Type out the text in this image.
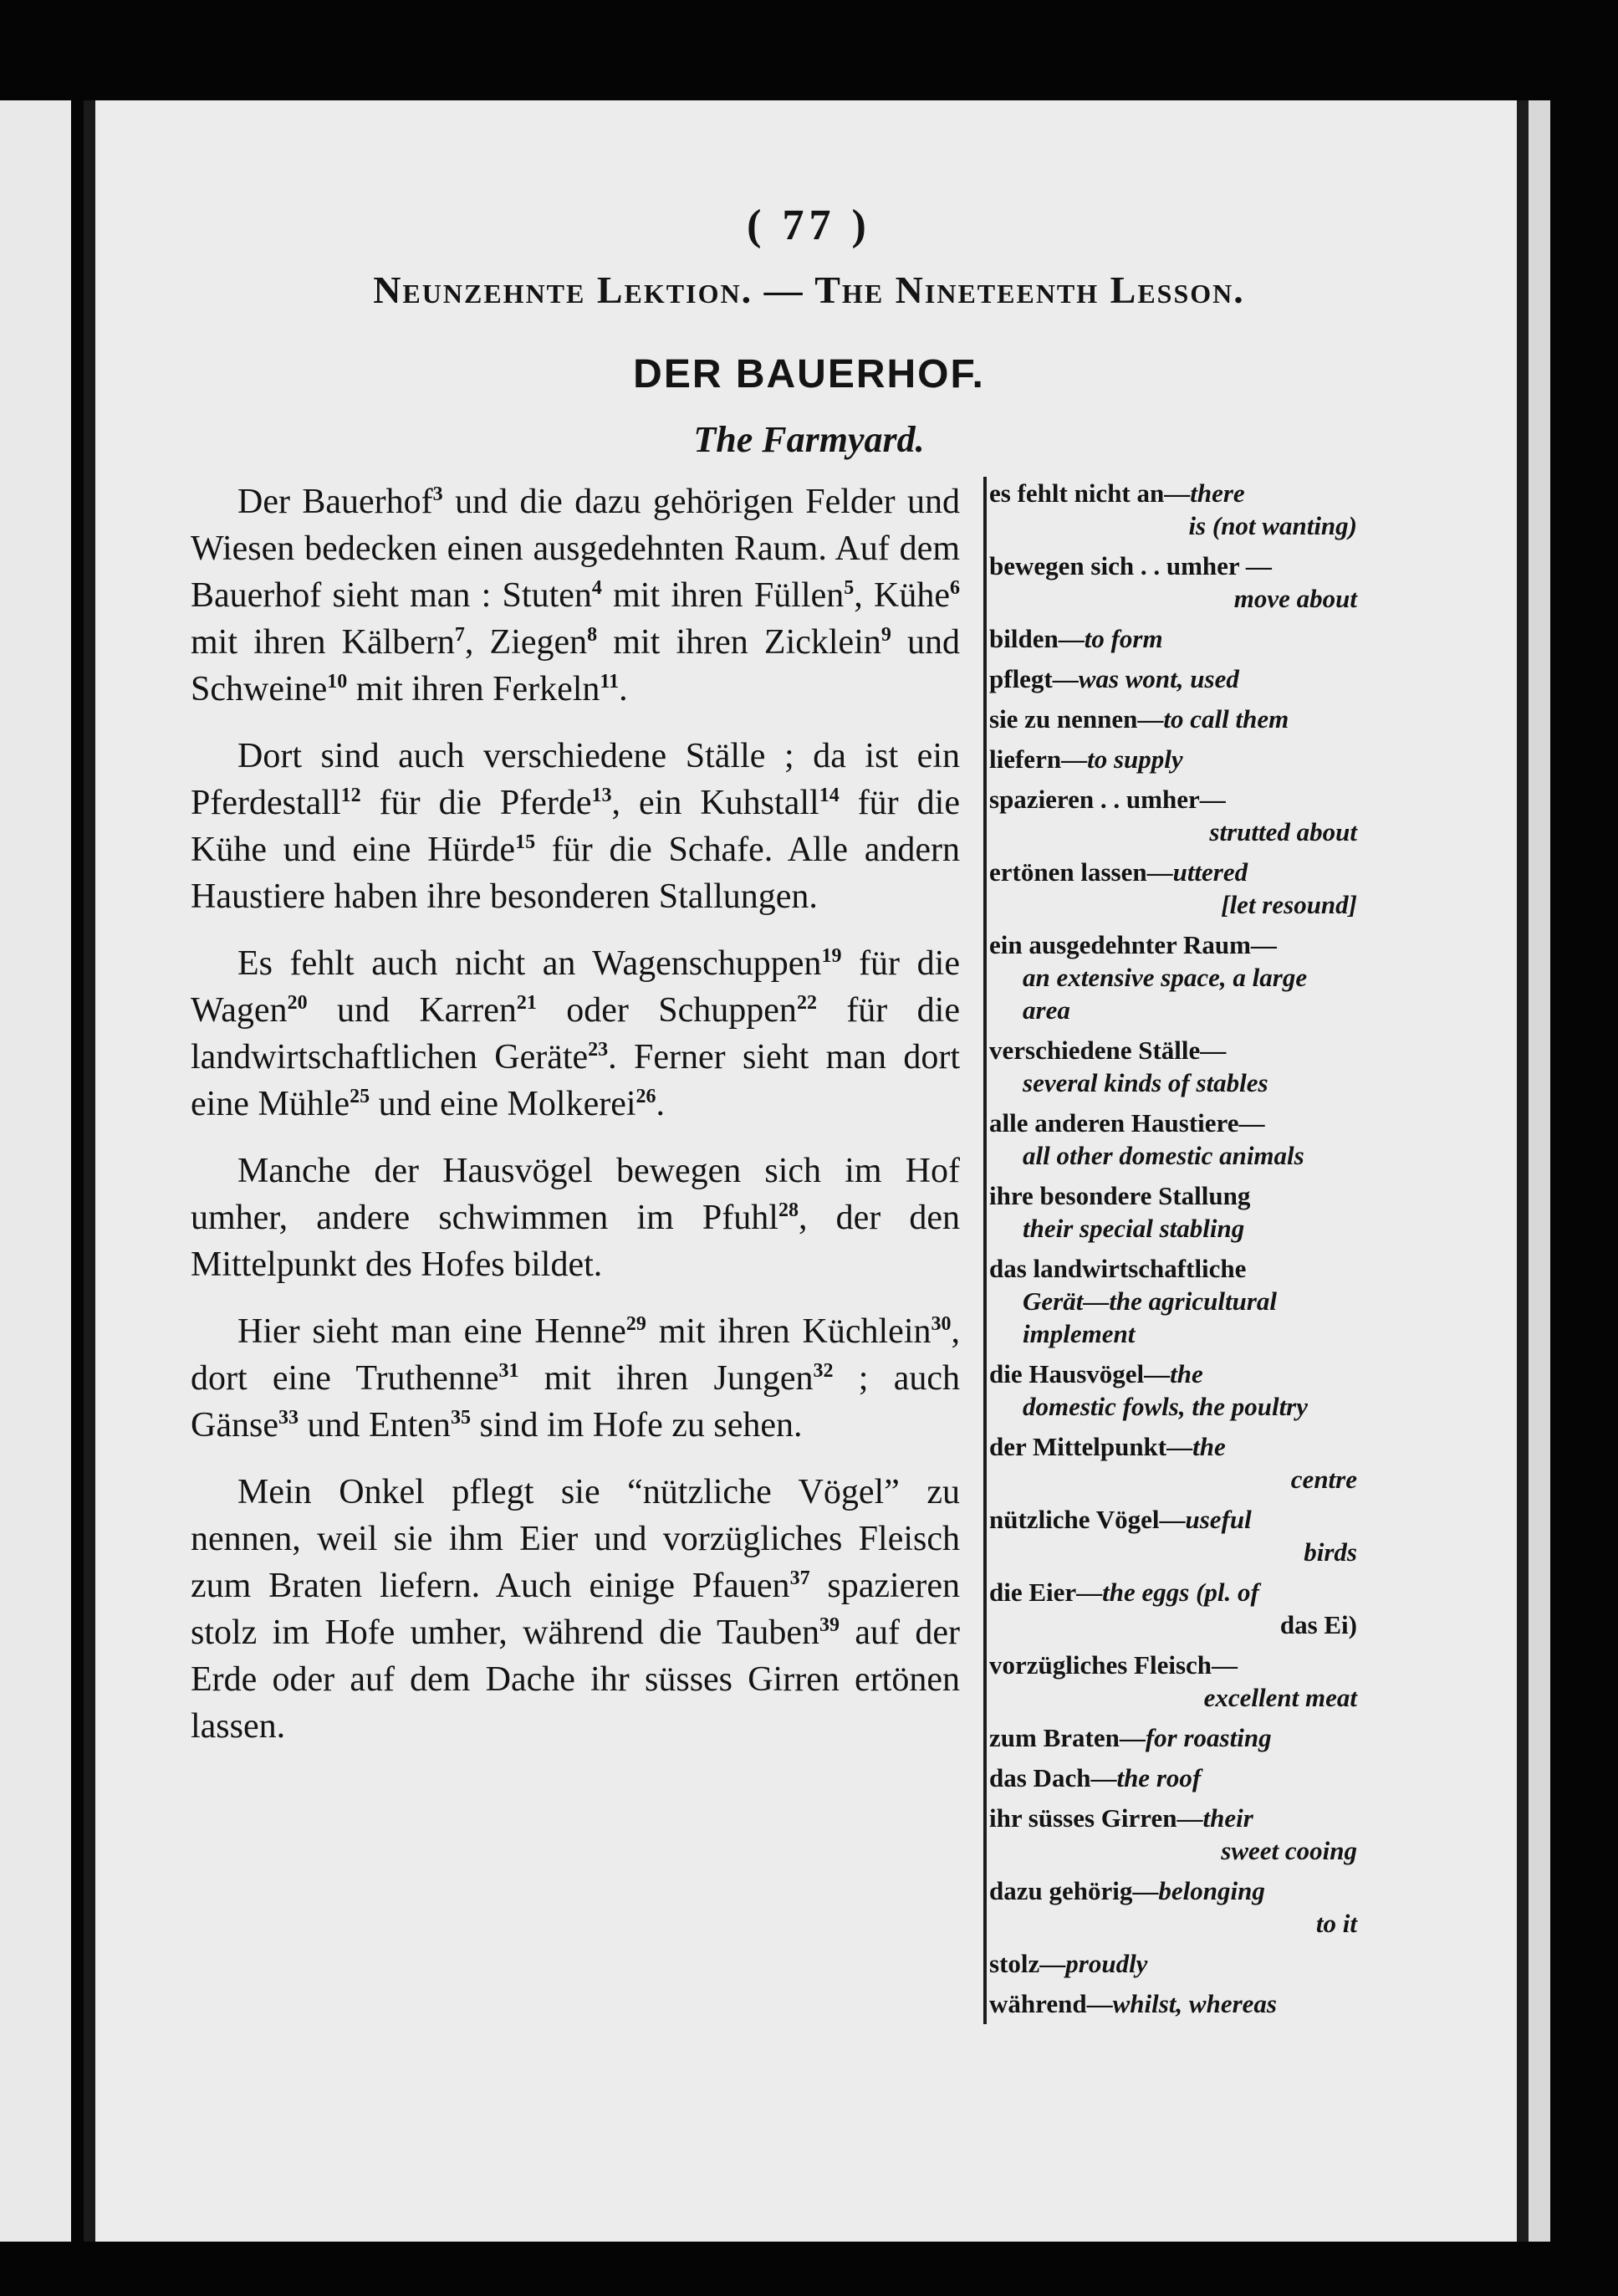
( 77 )
Neunzehnte Lektion. — The Nineteenth Lesson.
DER BAUERHOF.
The Farmyard.

Der Bauerhof$^3$ und die dazu gehörigen Felder und Wiesen bedecken einen ausgedehnten Raum. Auf dem Bauerhof sieht man : Stuten$^4$ mit ihren Füllen$^5$, Kühe$^6$ mit ihren Kälbern$^7$, Ziegen$^8$ mit ihren Zicklein$^9$ und Schweine$^{10}$ mit ihren Ferkeln$^{11}$.

Dort sind auch verschiedene Ställe ; da ist ein Pferdestall$^{12}$ für die Pferde$^{13}$, ein Kuhstall$^{14}$ für die Kühe und eine Hürde$^{15}$ für die Schafe. Alle andern Haustiere haben ihre besonderen Stallungen.

Es fehlt auch nicht an Wagenschuppen$^{19}$ für die Wagen$^{20}$ und Karren$^{21}$ oder Schuppen$^{22}$ für die landwirtschaftlichen Geräte$^{23}$. Ferner sieht man dort eine Mühle$^{25}$ und eine Molkerei$^{26}$.

Manche der Hausvögel bewegen sich im Hof umher, andere schwimmen im Pfuhl$^{28}$, der den Mittelpunkt des Hofes bildet.

Hier sieht man eine Henne$^{29}$ mit ihren Küchlein$^{30}$, dort eine Truthenne$^{31}$ mit ihren Jungen$^{32}$ ; auch Gänse$^{33}$ und Enten$^{35}$ sind im Hofe zu sehen.

Mein Onkel pflegt sie “nützliche Vögel” zu nennen, weil sie ihm Eier und vorzügliches Fleisch zum Braten liefern. Auch einige Pfauen$^{37}$ spazieren stolz im Hofe umher, während die Tauben$^{39}$ auf der Erde oder auf dem Dache ihr süsses Girren ertönen lassen.

es fehlt nicht an—there
is (not wanting)
bewegen sich . . umher —
move about
bilden—to form
pflegt—was wont, used
sie zu nennen—to call them
liefern—to supply
spazieren . . umher—
strutted about
ertönen lassen—uttered
[let resound]
ein ausgedehnter Raum—
an extensive space, a large area
verschiedene Ställe—
several kinds of stables
alle anderen Haustiere—
all other domestic animals
ihre besondere Stallung
their special stabling
das landwirtschaftliche
Gerät—the agricultural implement
die Hausvögel—the
domestic fowls, the poultry
der Mittelpunkt—the
centre
nützliche Vögel—useful
birds
die Eier—the eggs (pl. of
das Ei)
vorzügliches Fleisch—
excellent meat
zum Braten—for roasting
das Dach—the roof
ihr süsses Girren—their
sweet cooing
dazu gehörig—belonging
to it
stolz—proudly
während—whilst, whereas
